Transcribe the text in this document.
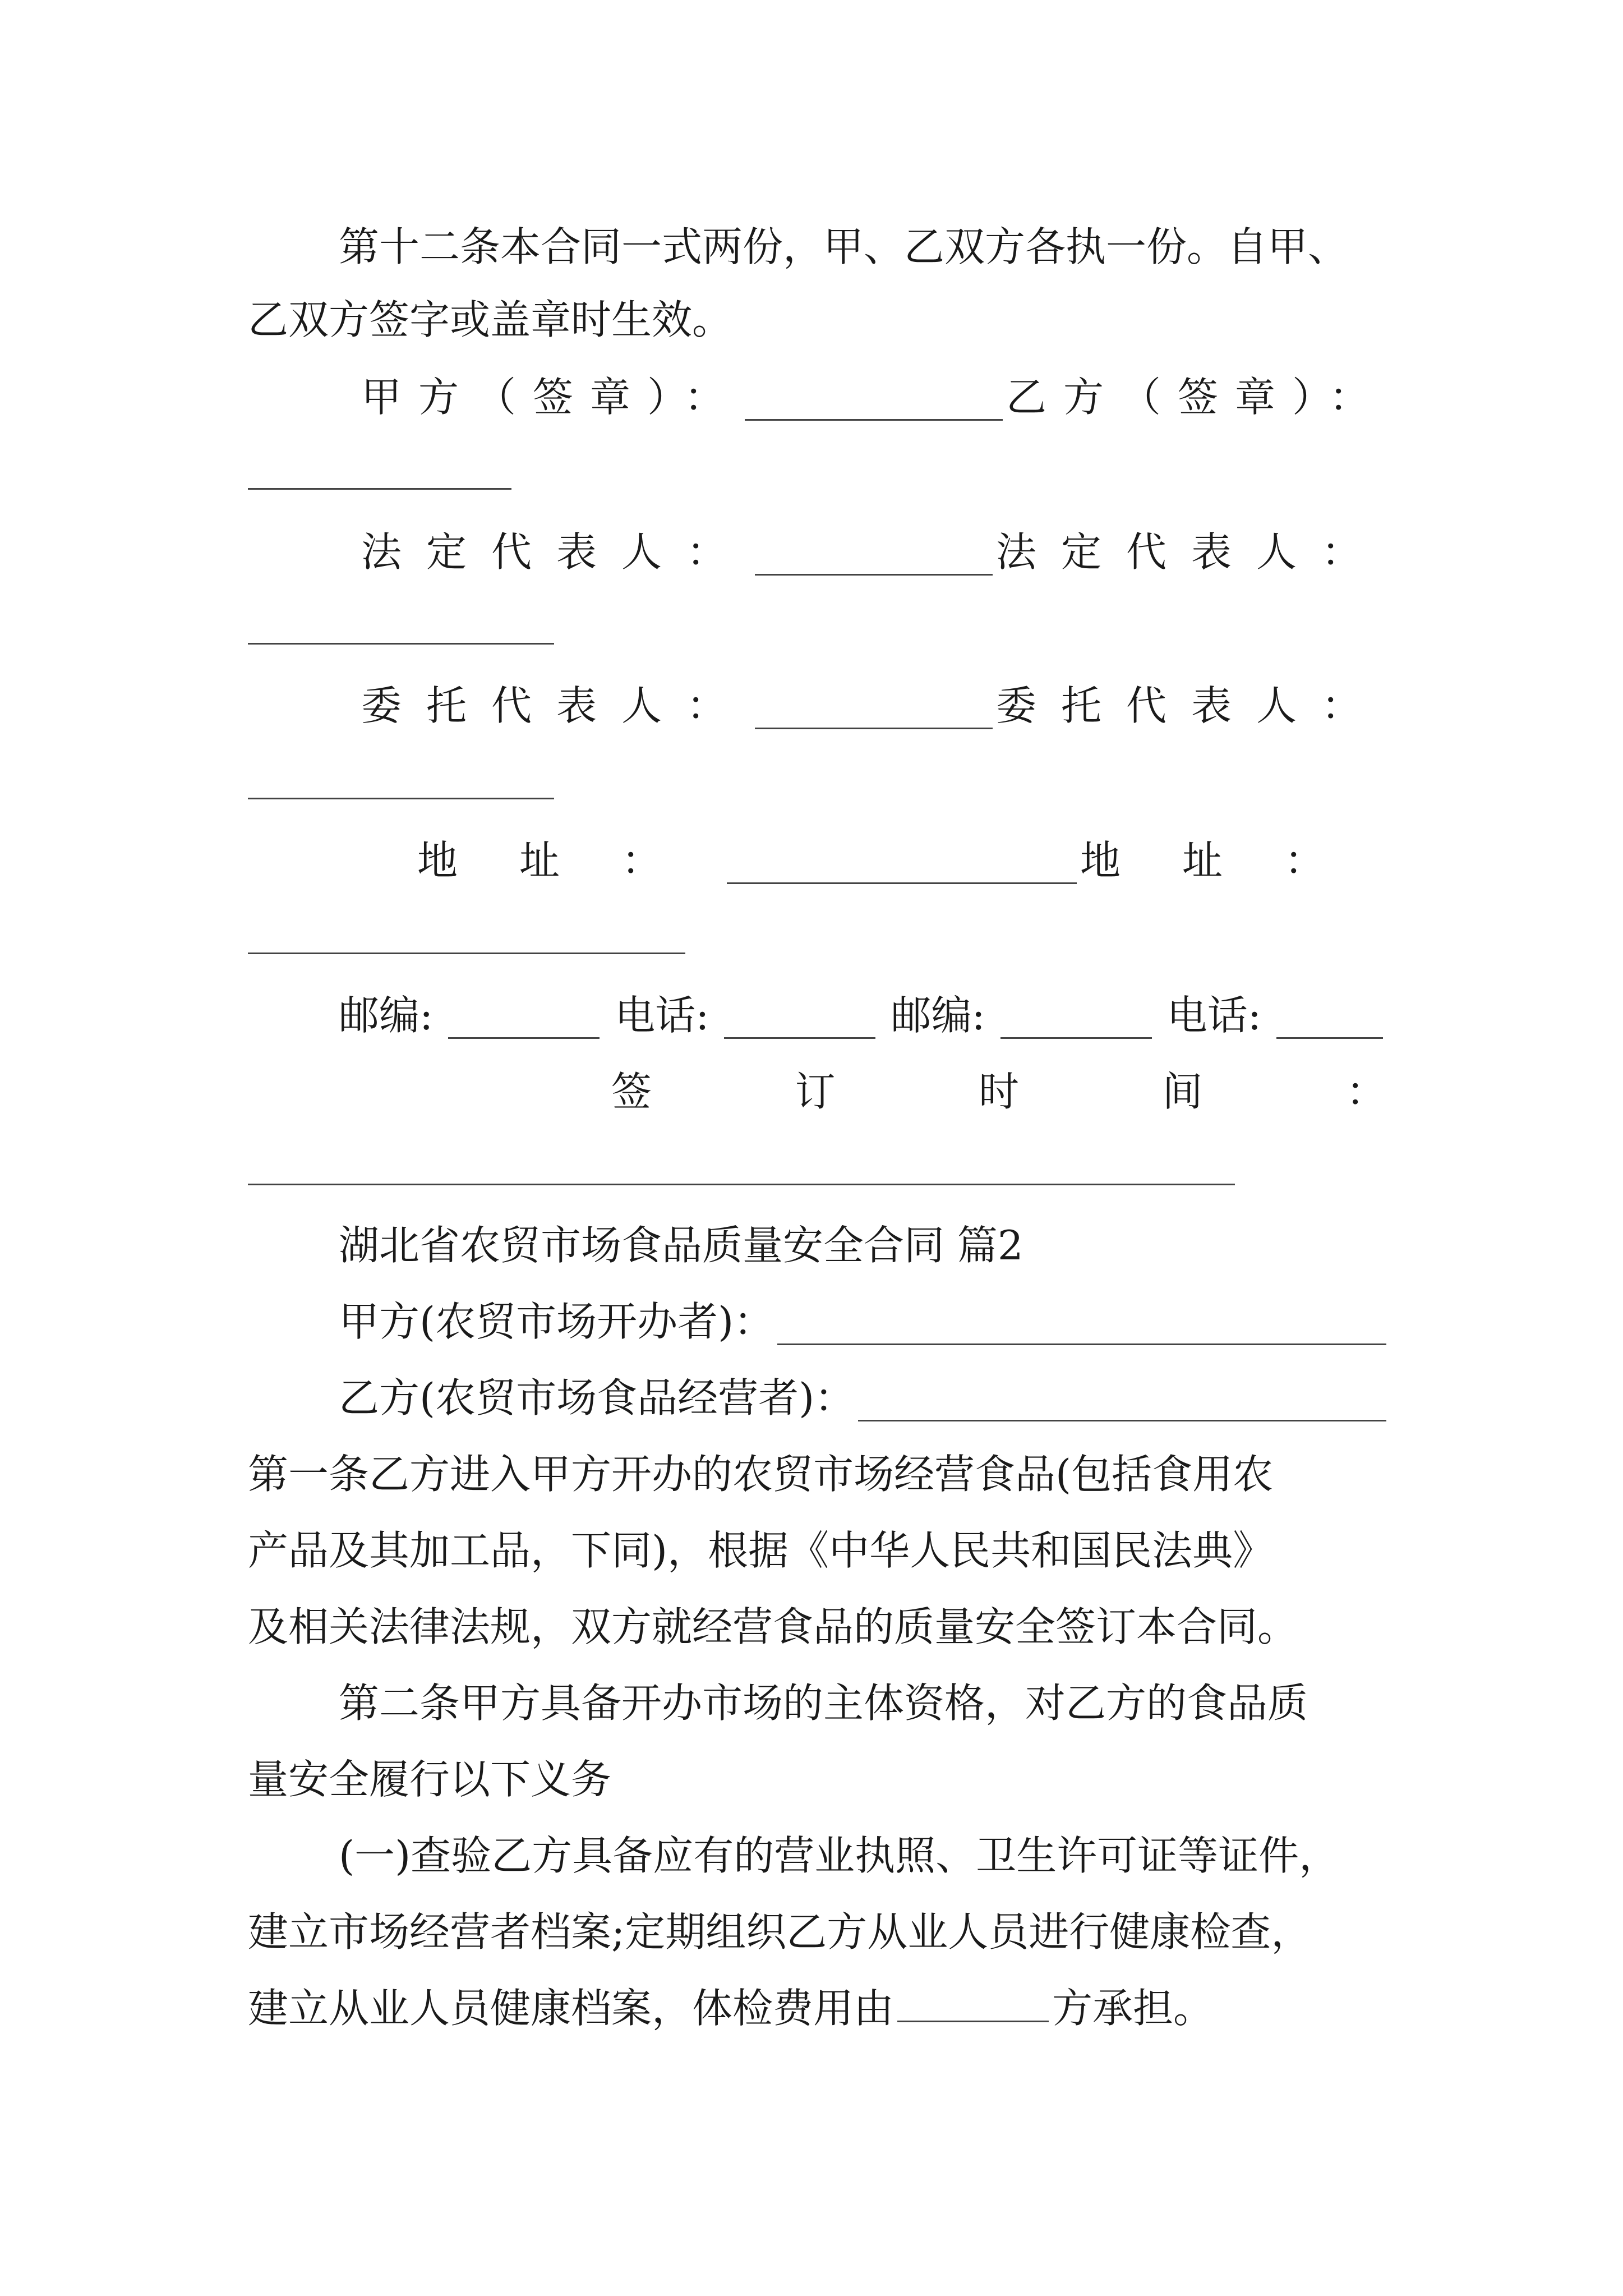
第十二条本合同一式两份，甲、乙双方各执一份。自甲、
乙双方签字或盖章时生效。
甲方（签章）：	乙方（签章）：
法定代表人：	法定代表人：
委托代表人：	委托代表人：
地址：	地址：
邮编:	电话:	邮编:	电话:
签	订	时	间	：
湖北省农贸市场食品质量安全合同 篇2
甲方(农贸市场开办者)：
乙方(农贸市场食品经营者)：
第一条乙方进入甲方开办的农贸市场经营食品(包括食用农
产品及其加工品，下同)，根据《中华人民共和国民法典》
及相关法律法规，双方就经营食品的质量安全签订本合同。
第二条甲方具备开办市场的主体资格，对乙方的食品质
量安全履行以下义务
(一)查验乙方具备应有的营业执照、卫生许可证等证件，
建立市场经营者档案;定期组织乙方从业人员进行健康检查，
建立从业人员健康档案，体检费用由	方承担。
